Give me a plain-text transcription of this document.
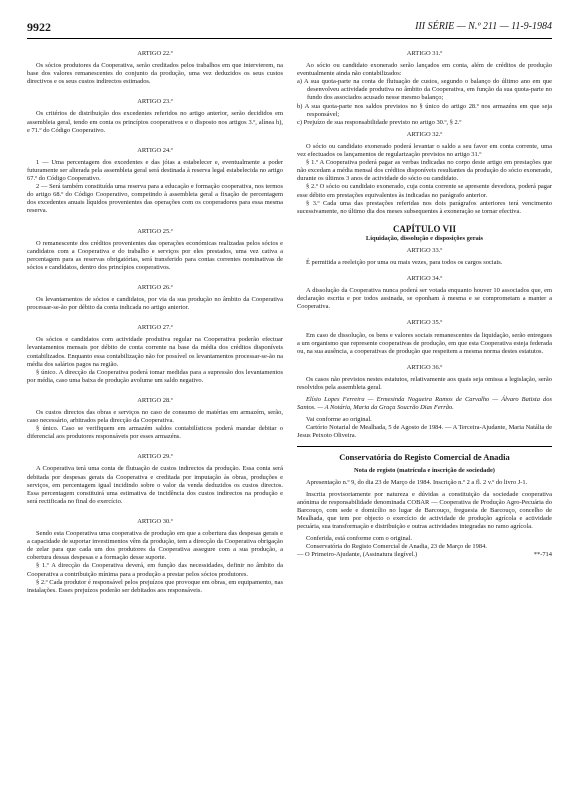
9922	III SÉRIE — N.º 211 — 11-9-1984
ARTIGO 22.º

Os sócios produtores da Cooperativa, serão creditados pelos trabalhos em que intervierem, na base dos valores remanescentes do conjunto da produção, uma vez deduzidos os seus custos directivos e os seus custos indirectos estimados.

ARTIGO 23.º

Os critérios de distribuição dos excedentes referidos no artigo anterior, serão decididos em assembleia geral, tendo em conta os princípios cooperativos e o disposto nos artigos 3.º, alínea h), e 71.º do Código Cooperativo.

ARTIGO 24.º

1 — Uma percentagem dos excedentes e das jóias a estabelecer e, eventualmente a poder futuramente ser alterada pela assembleia geral será destinada à reserva legal estabelecida no artigo 67.º do Código Cooperativo.

2 — Será também constituída uma reserva para a educação e formação cooperativa, nos termos do artigo 68.º do Código Cooperativo, competindo à assembleia geral a fixação de percentagem dos excedentes anuais líquidos provenientes das operações com os cooperadores para essa mesma reserva.

ARTIGO 25.º

O remanescente dos créditos provenientes das operações económicas realizadas pelos sócios e candidatos com a Cooperativa e do trabalho e serviços por eles prestados, uma vez cativa a percentagem para as reservas obrigatórias, será transferido para contas correntes nominativas de sócios e candidatos, dentro dos princípios cooperativos.

ARTIGO 26.º

Os levantamentos de sócios e candidatos, por via da sua produção no âmbito da Cooperativa processar-se-ão por débito da conta indicada no artigo anterior.

ARTIGO 27.º

Os sócios e candidatos com actividade produtiva regular na Cooperativa poderão efectuar levantamentos mensais por débito de conta corrente na base da média dos créditos disponíveis contabilizados. Enquanto essa contabilização não for possível os levantamentos processar-se-ão na média dos salários pagos na região.

§ único. A direcção da Cooperativa poderá tomar medidas para a supressão dos levantamentos por média, caso uma baixa de produção avolume um saldo negativo.

ARTIGO 28.º

Os custos directos das obras e serviços no caso de consumo de matérias em armazém, serão, caso necessário, arbitrados pela direcção da Cooperativa.

§ único. Caso se verifiquem em armazém saldos contabilísticos poderá mandar debitar o diferencial aos produtores responsáveis por esses armazéns.

ARTIGO 29.º

A Cooperativa terá uma conta de flutuação de custos indirectos da produção. Essa conta será debitada por despesas gerais da Cooperativa e creditada por imputação às obras, produções e serviços, em percentagem igual incidindo sobre o valor da venda deduzidos os custos directos. Essa percentagem constituirá uma estimativa de incidência dos custos indirectos na produção e será rectificada no final do exercício.

ARTIGO 30.º

Sendo esta Cooperativa uma cooperativa de produção em que a cobertura das despesas gerais e a capacidade de suportar investimentos vêm da produção, tem a direcção da Cooperativa obrigação de zelar para que cada um dos produtores da Cooperativa assegure com a sua produção, a cobertura dessas despesas e a formação desse suporte.

§ 1.º A direcção da Cooperativa deverá, em função das necessidades, definir no âmbito da Cooperativa a contribuição mínima para a produção a prestar pelos sócios produtores.

§ 2.º Cada produtor é responsável pelos prejuízos que provoque em obras, em equipamento, nas instalações. Esses prejuízos poderão ser debitados aos responsáveis.

ARTIGO 31.º

Ao sócio ou candidato exonerado serão lançados em conta, além de créditos de produção eventualmente ainda não contabilizados:

a) A sua quota-parte na conta de flutuação de custos, segundo o balanço do último ano em que desenvolveu actividade produtiva no âmbito da Cooperativa, em função da sua quota-parte no fundo dos associados acusado nesse mesmo balanço;
b) A sua quota-parte nos saldos previstos no § único do artigo 28.º nos armazéns em que seja responsável;
c) Prejuízo de sua responsabilidade previsto no artigo 30.º, § 2.º
ARTIGO 32.º

O sócio ou candidato exonerado poderá levantar o saldo a seu favor em conta corrente, uma vez efectuados os lançamentos de regularização previstos no artigo 31.º

§ 1.º A Cooperativa poderá pagar as verbas indicadas no corpo deste artigo em prestações que não excedam a média mensal dos créditos disponíveis resultantes da produção do sócio exonerado, durante os últimos 3 anos de actividade do sócio ou candidato.

§ 2.º O sócio ou candidato exonerado, cuja conta corrente se apresente devedora, poderá pagar esse débito em prestações equivalentes às indicadas no parágrafo anterior.

§ 3.º Cada uma das prestações referidas nos dois parágrafos anteriores terá vencimento sucessivamente, no último dia dos meses subsequentes à exoneração se tornar efectiva.

CAPÍTULO VII
Liquidação, dissolução e disposições gerais
ARTIGO 33.º

É permitida a reeleição por uma ou mais vezes, para todos os cargos sociais.

ARTIGO 34.º

A dissolução da Cooperativa nunca poderá ser votada enquanto houver 10 associados que, em declaração escrita e por todos assinada, se oponham à mesma e se comprometam a manter a Cooperativa.

ARTIGO 35.º

Em caso de dissolução, os bens e valores sociais remanescentes da liquidação, serão entregues a um organismo que represente cooperativas de produção, em que esta Cooperativa esteja federada ou, na sua ausência, a cooperativas de produção que respeitem a mesma norma destes estatutos.

ARTIGO 36.º

Os casos não previstos nestes estatutos, relativamente aos quais seja omissa a legislação, serão resolvidos pela assembleia geral.

Elísio Lopes Ferreira — Ermesinda Nogueira Ramos de Carvalho — Álvaro Batista dos Santos. — A Notária, Maria da Graça Soucrão Dias Ferrão.

Vai conforme ao original.

Cartório Notarial de Mealhada, 5 de Agosto de 1984. — A Terceira-Ajudante, Maria Natália de Jesus Peixoto Oliveira.

Conservatória do Registo Comercial de Anadia
Nota de registo (matrícula e inscrição de sociedade)

Apresentação n.º 9, do dia 23 de Março de 1984. Inscrição n.º 2 a fl. 2 v.º do livro J-1.

Inscrita provisoriamente por natureza e dúvidas a constituição da sociedade cooperativa anónima de responsabilidade denominada COBAR — Cooperativa de Produção Agro-Pecuária do Barcouço, com sede e domicílio no lugar de Barcouço, freguesia de Barcouço, concelho de Mealhada, que tem por objecto o exercício de actividade de produção agrícola e actividade pecuária, sua transformação e distribuição e outras actividades integradas no ramo agrícola.

Conferida, está conforme com o original.

Conservatória do Registo Comercial de Anadia, 23 de Março de 1984.

— O Primeiro-Ajudante, (Assinatura ilegível.)	**-714
